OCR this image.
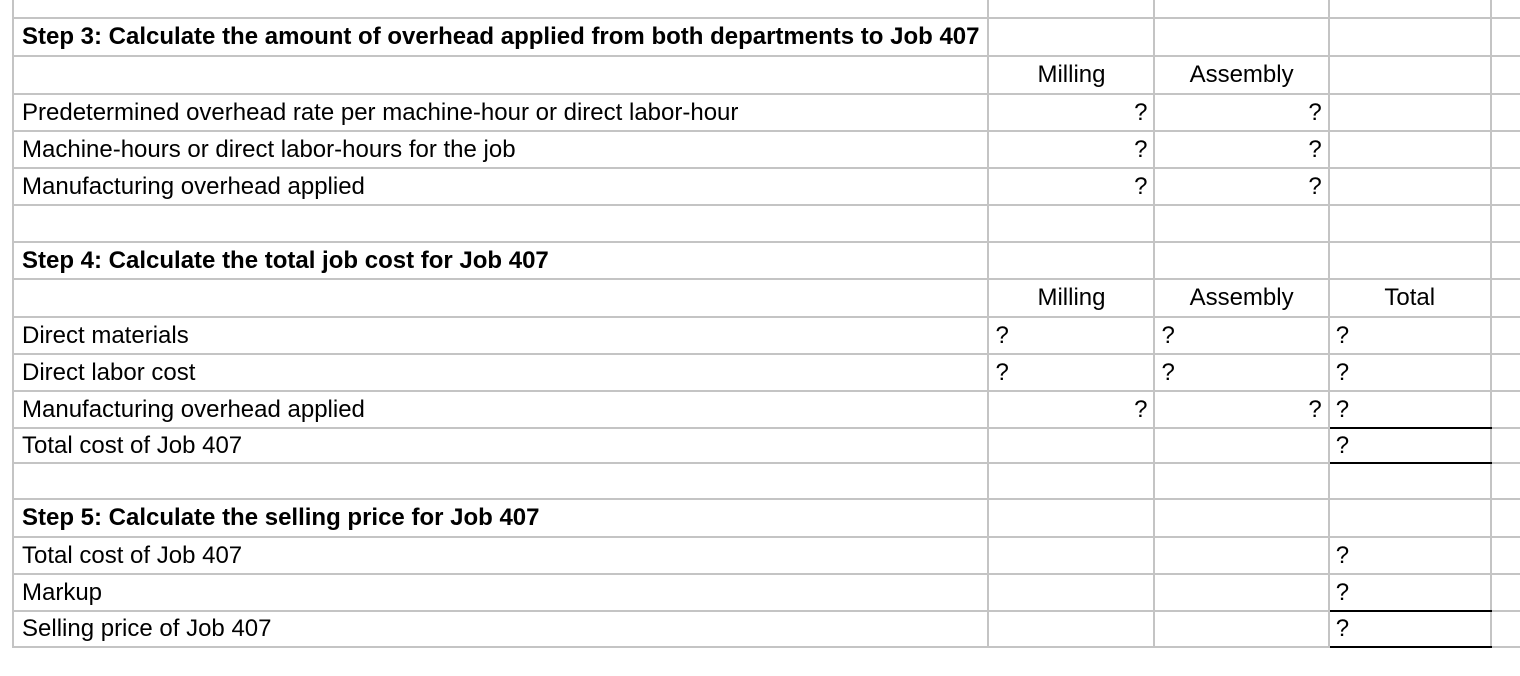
Step 3: Calculate the amount of overhead applied from both departments to Job 407				
	Milling	Assembly		
Predetermined overhead rate per machine-hour or direct labor-hour	?	?		
Machine-hours or direct labor-hours for the job	?	?		
Manufacturing overhead applied	?	?		

Step 4: Calculate the total job cost for Job 407				
	Milling	Assembly	Total	
Direct materials	?	?	?	
Direct labor cost	?	?	?	
Manufacturing overhead applied	?	?	?	
Total cost of Job 407			?	

Step 5: Calculate the selling price for Job 407				
Total cost of Job 407			?	
Markup			?	
Selling price of Job 407			?	
